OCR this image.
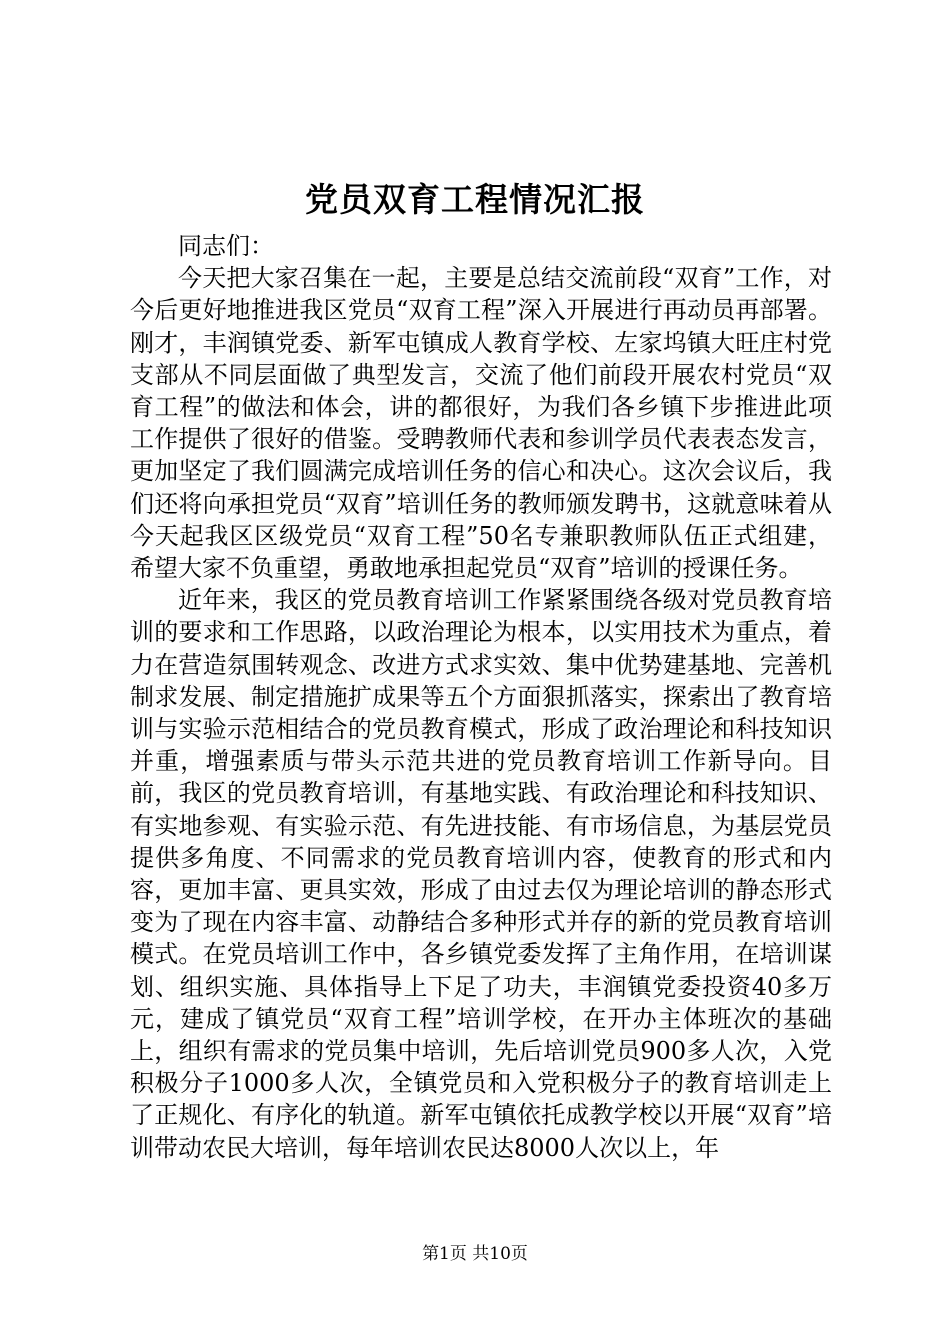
党员双育工程情况汇报

同志们：

今天把大家召集在一起，主要是总结交流前段“双育”工作，对今后更好地推进我区党员“双育工程”深入开展进行再动员再部署。刚才，丰润镇党委、新军屯镇成人教育学校、左家坞镇大旺庄村党支部从不同层面做了典型发言，交流了他们前段开展农村党员“双育工程”的做法和体会，讲的都很好，为我们各乡镇下步推进此项工作提供了很好的借鉴。受聘教师代表和参训学员代表表态发言，更加坚定了我们圆满完成培训任务的信心和决心。这次会议后，我们还将向承担党员“双育”培训任务的教师颁发聘书，这就意味着从今天起我区区级党员“双育工程”50名专兼职教师队伍正式组建，希望大家不负重望，勇敢地承担起党员“双育”培训的授课任务。

近年来，我区的党员教育培训工作紧紧围绕各级对党员教育培训的要求和工作思路，以政治理论为根本，以实用技术为重点，着力在营造氛围转观念、改进方式求实效、集中优势建基地、完善机制求发展、制定措施扩成果等五个方面狠抓落实，探索出了教育培训与实验示范相结合的党员教育模式，形成了政治理论和科技知识并重，增强素质与带头示范共进的党员教育培训工作新导向。目前，我区的党员教育培训，有基地实践、有政治理论和科技知识、有实地参观、有实验示范、有先进技能、有市场信息，为基层党员提供多角度、不同需求的党员教育培训内容，使教育的形式和内容，更加丰富、更具实效，形成了由过去仅为理论培训的静态形式变为了现在内容丰富、动静结合多种形式并存的新的党员教育培训模式。在党员培训工作中，各乡镇党委发挥了主角作用，在培训谋划、组织实施、具体指导上下足了功夫，丰润镇党委投资40多万元，建成了镇党员“双育工程”培训学校，在开办主体班次的基础上，组织有需求的党员集中培训，先后培训党员900多人次，入党积极分子1000多人次，全镇党员和入党积极分子的教育培训走上了正规化、有序化的轨道。新军屯镇依托成教学校以开展“双育”培训带动农民大培训，每年培训农民达8000人次以上，年

第1页 共10页
